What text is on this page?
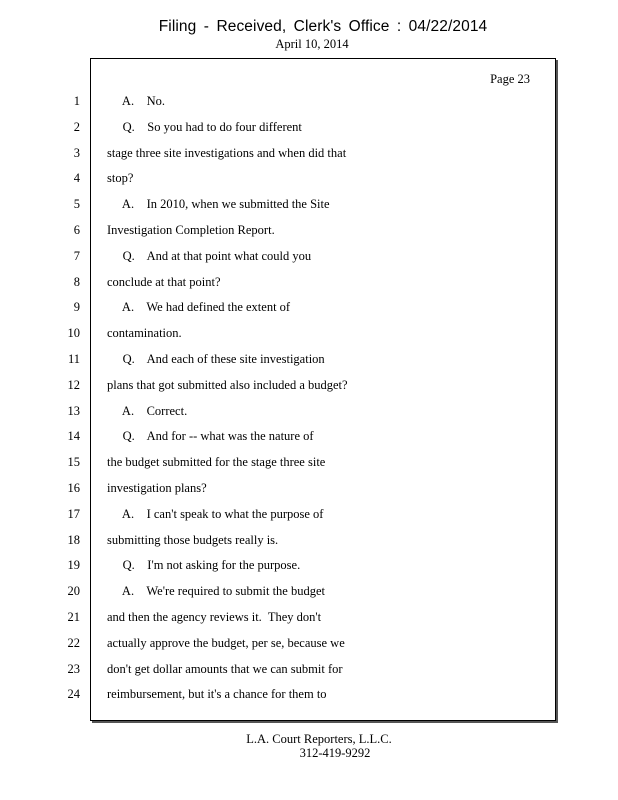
Filing - Received, Clerk's Office : 04/22/2014
April 10, 2014
Page 23
1
2
3
4
5
6
7
8
9
10
11
12
13
14
15
16
17
18
19
20
21
22
23
24
A.    No.
Q.    So you had to do four different
stage three site investigations and when did that
stop?
A.    In 2010, when we submitted the Site
Investigation Completion Report.
Q.    And at that point what could you
conclude at that point?
A.    We had defined the extent of
contamination.
Q.    And each of these site investigation
plans that got submitted also included a budget?
A.    Correct.
Q.    And for -- what was the nature of
the budget submitted for the stage three site
investigation plans?
A.    I can't speak to what the purpose of
submitting those budgets really is.
Q.    I'm not asking for the purpose.
A.    We're required to submit the budget
and then the agency reviews it.  They don't
actually approve the budget, per se, because we
don't get dollar amounts that we can submit for
reimbursement, but it's a chance for them to
L.A. Court Reporters, L.L.C.
312-419-9292
